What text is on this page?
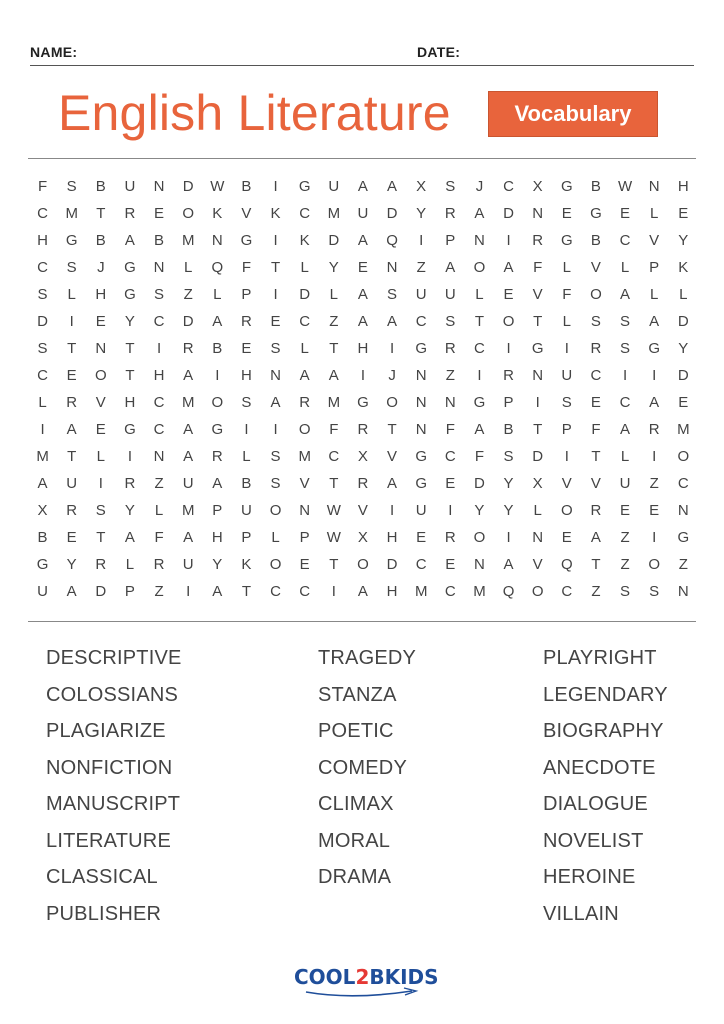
NAME:	DATE:
English Literature	Vocabulary
F	S	B	U	N	D	W	B	I	G	U	A	A	X	S	J	C	X	G	B	W	N	H
C	M	T	R	E	O	K	V	K	C	M	U	D	Y	R	A	D	N	E	G	E	L	E
H	G	B	A	B	M	N	G	I	K	D	A	Q	I	P	N	I	R	G	B	C	V	Y
C	S	J	G	N	L	Q	F	T	L	Y	E	N	Z	A	O	A	F	L	V	L	P	K
S	L	H	G	S	Z	L	P	I	D	L	A	S	U	U	L	E	V	F	O	A	L	L
D	I	E	Y	C	D	A	R	E	C	Z	A	A	C	S	T	O	T	L	S	S	A	D
S	T	N	T	I	R	B	E	S	L	T	H	I	G	R	C	I	G	I	R	S	G	Y
C	E	O	T	H	A	I	H	N	A	A	I	J	N	Z	I	R	N	U	C	I	I	D
L	R	V	H	C	M	O	S	A	R	M	G	O	N	N	G	P	I	S	E	C	A	E
I	A	E	G	C	A	G	I	I	O	F	R	T	N	F	A	B	T	P	F	A	R	M
M	T	L	I	N	A	R	L	S	M	C	X	V	G	C	F	S	D	I	T	L	I	O
A	U	I	R	Z	U	A	B	S	V	T	R	A	G	E	D	Y	X	V	V	U	Z	C
X	R	S	Y	L	M	P	U	O	N	W	V	I	U	I	Y	Y	L	O	R	E	E	N
B	E	T	A	F	A	H	P	L	P	W	X	H	E	R	O	I	N	E	A	Z	I	G
G	Y	R	L	R	U	Y	K	O	E	T	O	D	C	E	N	A	V	Q	T	Z	O	Z
U	A	D	P	Z	I	A	T	C	C	I	A	H	M	C	M	Q	O	C	Z	S	S	N
DESCRIPTIVE
COLOSSIANS
PLAGIARIZE
NONFICTION
MANUSCRIPT
LITERATURE
CLASSICAL
PUBLISHER
TRAGEDY
STANZA
POETIC
COMEDY
CLIMAX
MORAL
DRAMA
PLAYRIGHT
LEGENDARY
BIOGRAPHY
ANECDOTE
DIALOGUE
NOVELIST
HEROINE
VILLAIN
COOL2BKIDS
